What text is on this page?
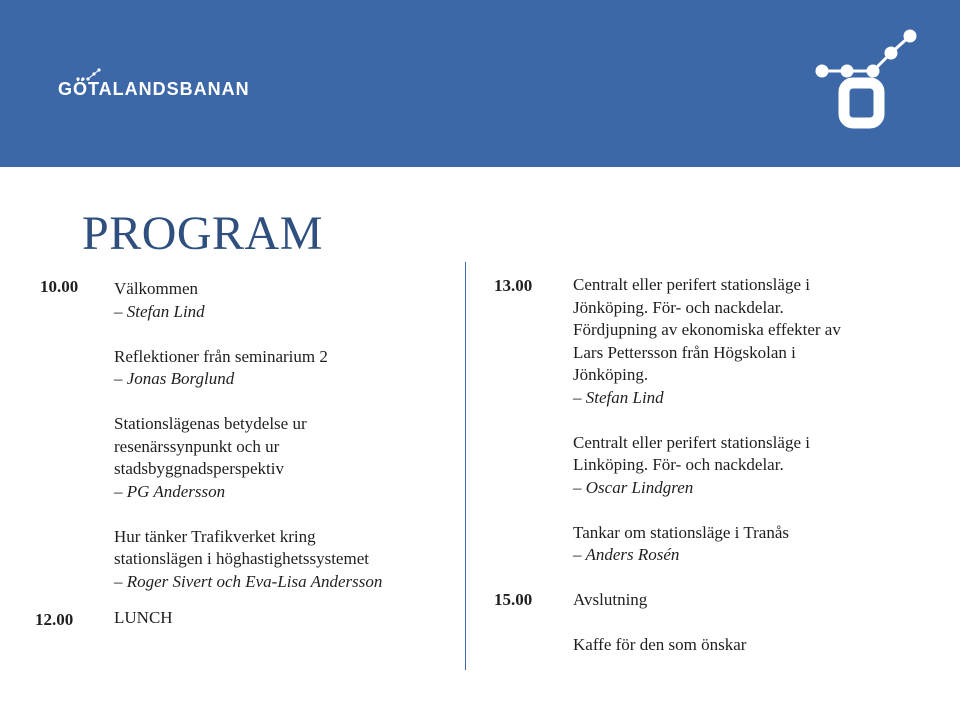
GÖTALANDSBANAN
PROGRAM
10.00
12.00
Välkommen
– Stefan Lind
Reflektioner från seminarium 2
– Jonas Borglund
Stationslägenas betydelse ur
resenärssynpunkt och ur
stadsbyggnadsperspektiv
– PG Andersson
Hur tänker Trafikverket kring
stationslägen i höghastighetssystemet
– Roger Sivert och Eva-Lisa Andersson
LUNCH
13.00
15.00
Centralt eller perifert stationsläge i
Jönköping. För- och nackdelar.
Fördjupning av ekonomiska effekter av
Lars Pettersson från Högskolan i
Jönköping.
– Stefan Lind
Centralt eller perifert stationsläge i
Linköping. För- och nackdelar.
– Oscar Lindgren
Tankar om stationsläge i Tranås
– Anders Rosén
Avslutning
Kaffe för den som önskar
